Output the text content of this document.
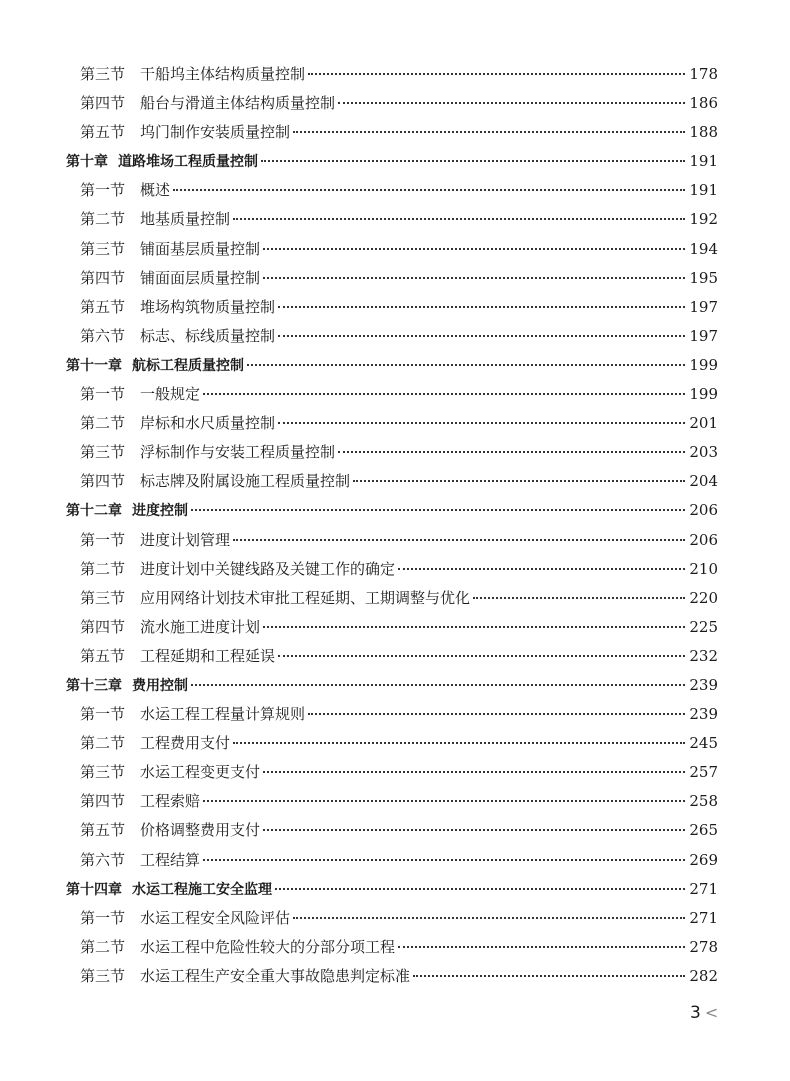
第三节 干船坞主体结构质量控制	178
第四节 船台与滑道主体结构质量控制	186
第五节 坞门制作安装质量控制	188
第十章 道路堆场工程质量控制	191
第一节 概述	191
第二节 地基质量控制	192
第三节 铺面基层质量控制	194
第四节 铺面面层质量控制	195
第五节 堆场构筑物质量控制	197
第六节 标志、标线质量控制	197
第十一章 航标工程质量控制	199
第一节 一般规定	199
第二节 岸标和水尺质量控制	201
第三节 浮标制作与安装工程质量控制	203
第四节 标志牌及附属设施工程质量控制	204
第十二章 进度控制	206
第一节 进度计划管理	206
第二节 进度计划中关键线路及关键工作的确定	210
第三节 应用网络计划技术审批工程延期、工期调整与优化	220
第四节 流水施工进度计划	225
第五节 工程延期和工程延误	232
第十三章 费用控制	239
第一节 水运工程工程量计算规则	239
第二节 工程费用支付	245
第三节 水运工程变更支付	257
第四节 工程索赔	258
第五节 价格调整费用支付	265
第六节 工程结算	269
第十四章 水运工程施工安全监理	271
第一节 水运工程安全风险评估	271
第二节 水运工程中危险性较大的分部分项工程	278
第三节 水运工程生产安全重大事故隐患判定标准	282
3 <
